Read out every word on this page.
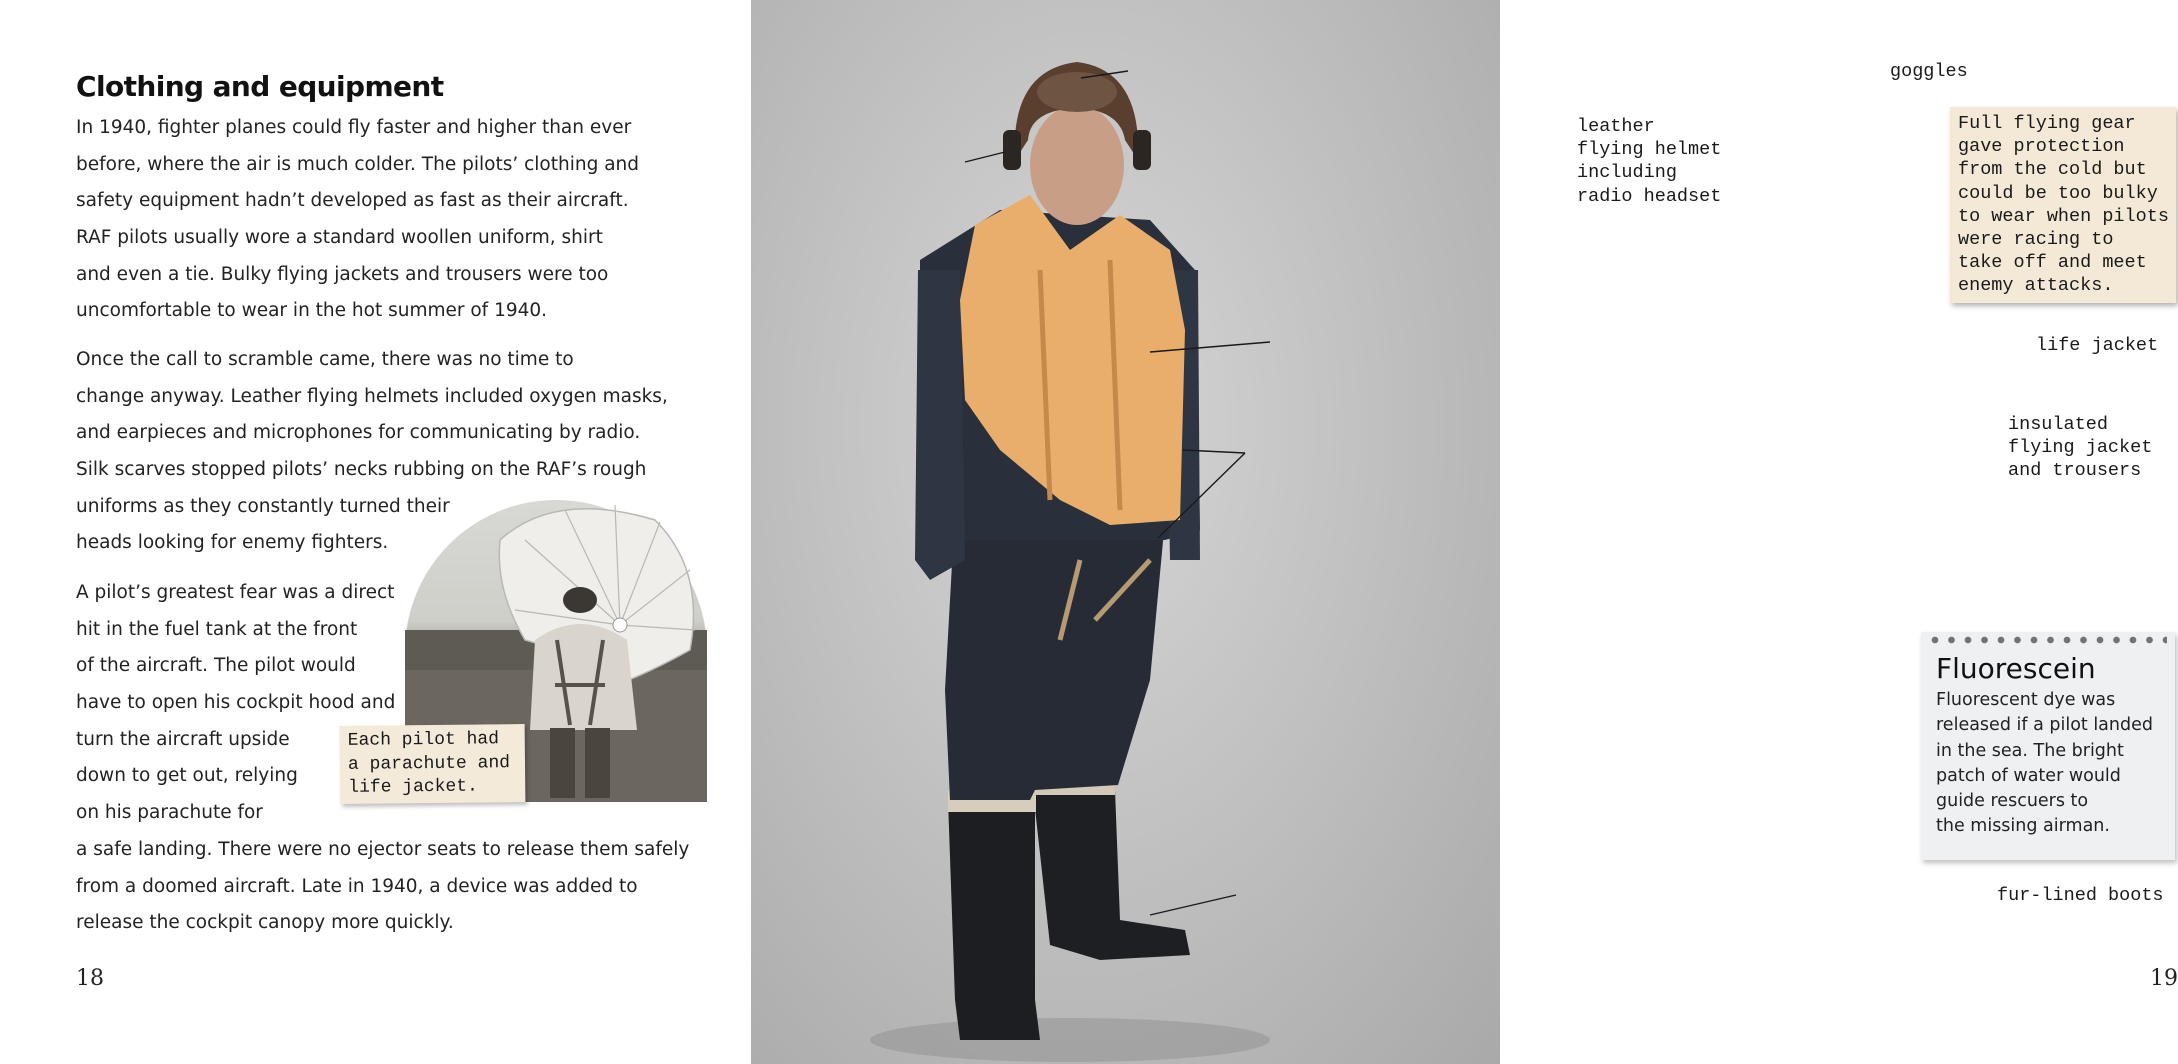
Clothing and equipment
In 1940, fighter planes could fly faster and higher than ever
before, where the air is much colder. The pilots’ clothing and
safety equipment hadn’t developed as fast as their aircraft.
RAF pilots usually wore a standard woollen uniform, shirt
and even a tie. Bulky flying jackets and trousers were too
uncomfortable to wear in the hot summer of 1940.
Once the call to scramble came, there was no time to
change anyway. Leather flying helmets included oxygen masks,
and earpieces and microphones for communicating by radio.
Silk scarves stopped pilots’ necks rubbing on the RAF’s rough
uniforms as they constantly turned their
heads looking for enemy fighters.
A pilot’s greatest fear was a direct
hit in the fuel tank at the front
of the aircraft. The pilot would
have to open his cockpit hood and
turn the aircraft upside
down to get out, relying
on his parachute for
a safe landing. There were no ejector seats to release them safely
from a doomed aircraft. Late in 1940, a device was added to
release the cockpit canopy more quickly.
Each pilot had
a parachute and
life jacket.
18
goggles
leather
flying helmet
including
radio headset
life jacket
insulated
flying jacket
and trousers
fur-lined boots
Full flying gear
gave protection
from the cold but
could be too bulky
to wear when pilots
were racing to
take off and meet
enemy attacks.
Fluorescein
Fluorescent dye was
released if a pilot landed
in the sea. The bright
patch of water would
guide rescuers to
the missing airman.
19
